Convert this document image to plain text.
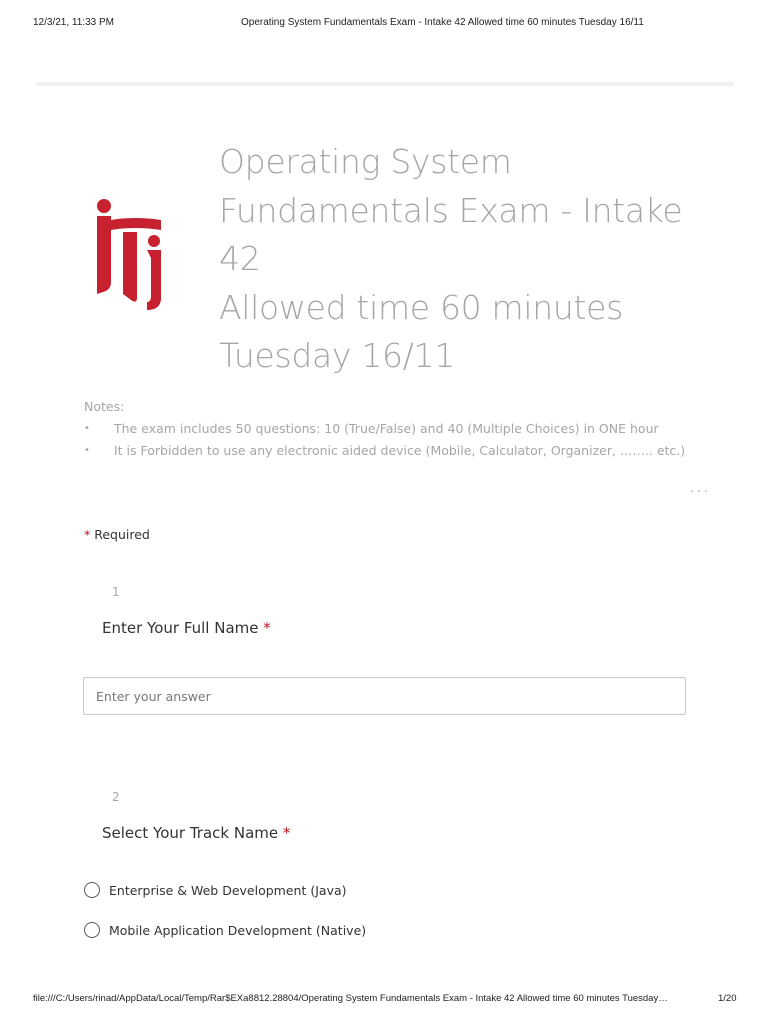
12/3/21, 11:33 PM	Operating System Fundamentals Exam - Intake 42 Allowed time 60 minutes Tuesday 16/11
Operating System
Fundamentals Exam - Intake
42
Allowed time 60 minutes
Tuesday 16/11
Notes:
• The exam includes 50 questions: 10 (True/False) and 40 (Multiple Choices) in ONE hour
• It is Forbidden to use any electronic aided device (Mobile, Calculator, Organizer, …….. etc.)
···
* Required
1
Enter Your Full Name *
Enter your answer
2
Select Your Track Name *
Enterprise & Web Development (Java)
Mobile Application Development (Native)
file:///C:/Users/rinad/AppData/Local/Temp/Rar$EXa8812.28804/Operating System Fundamentals Exam - Intake 42 Allowed time 60 minutes Tuesday…	1/20
